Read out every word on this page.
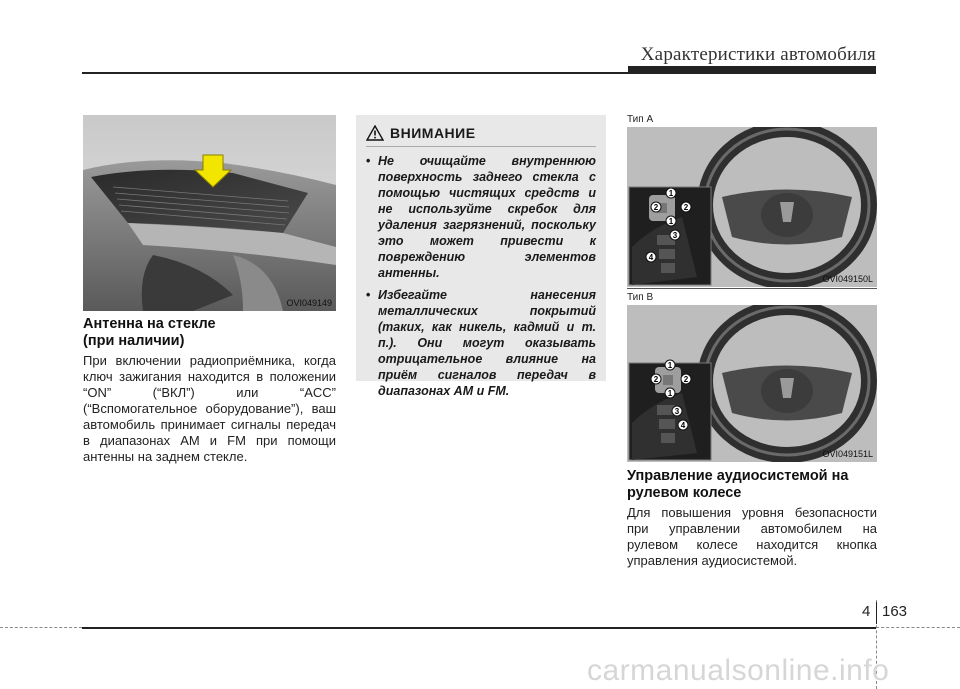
Характеристики автомобиля
OVI049149
Антенна на стекле
(при наличии)
При включении радиоприёмника, когда ключ зажигания находится в положении “ON” (“ВКЛ”) или “ACC” (“Вспомогательное оборудование”), ваш автомобиль принимает сигналы передач в диапазонах AM и FM при помощи антенны на заднем стекле.
ВНИМАНИЕ
• Не очищайте внутреннюю поверхность заднего стекла с помощью чистящих средств и не используйте скребок для удаления загрязнений, поскольку это может привести к повреждению элементов антенны.
• Избегайте нанесения металлических покрытий (таких, как никель, кадмий и т. п.). Они могут оказывать отрицательное влияние на приём сигналов передач в диапазонах AM и FM.
Тип A
1
2	2
1
3
4
OVI049150L
Тип B
1
2	2
1
3
4
OVI049151L
Управление аудиосистемой на
рулевом колесе
Для повышения уровня безопасности при управлении автомобилем на рулевом колесе находится кнопка управления аудиосистемой.
4 163
carmanualsonline.info
